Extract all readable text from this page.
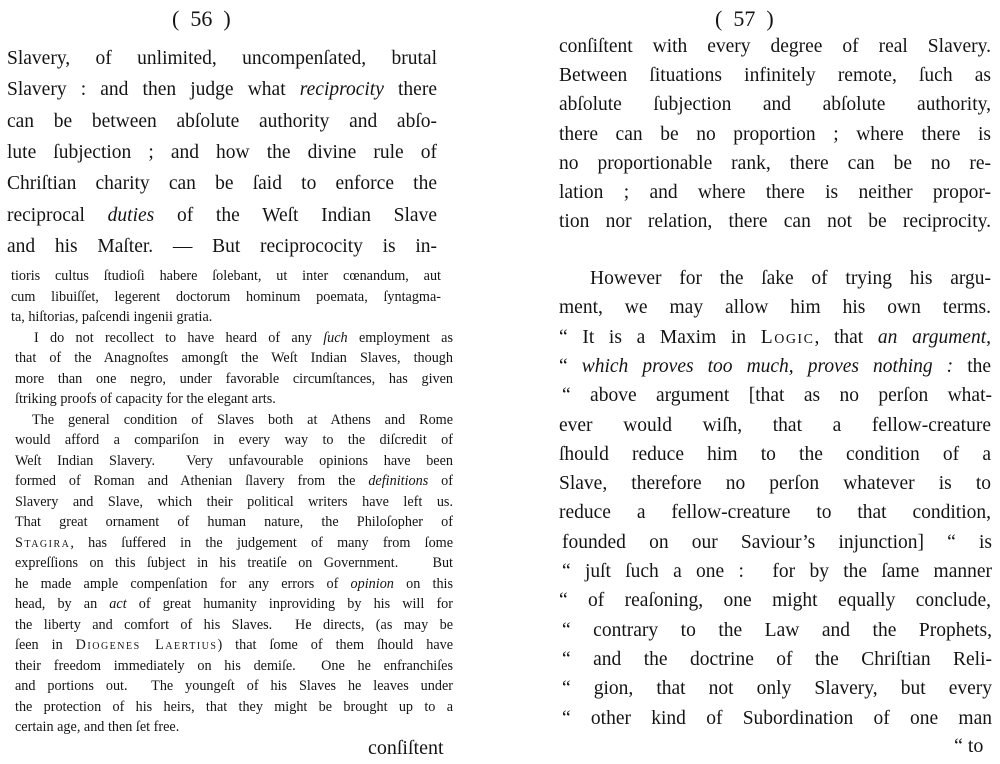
(  56  )
Slavery, of unlimited, uncompenſated, brutal
Slavery : and then judge what reciprocity there
can be between abſolute authority and abſo-
lute ſubjection ; and how the divine rule of
Chriſtian charity can be ſaid to enforce the
reciprocal duties of the Weſt Indian Slave
and his Maſter. — But reciprococity is in-
tioris cultus ſtudioſi habere ſolebant, ut inter cœnandum, aut
cum libuiſſet, legerent doctorum hominum poemata, ſyntagma-
ta, hiſtorias, paſcendi ingenii gratia.
I do not recollect to have heard of any ſuch employment as
that of the Anagnoſtes amongſt the Weſt Indian Slaves, though
more than one negro, under favorable circumſtances, has given
ſtriking proofs of capacity for the elegant arts.
The general condition of Slaves both at Athens and Rome
would afford a compariſon in every way to the diſcredit of
Weſt Indian Slavery.  Very unfavourable opinions have been
formed of Roman and Athenian ſlavery from the definitions of
Slavery and Slave, which their political writers have left us.
That great ornament of human nature, the Philoſopher of
Stagira, has ſuffered in the judgement of many from ſome
expreſſions on this ſubject in his treatiſe on Government.   But
he made ample compenſation for any errors of opinion on this
head, by an act of great humanity inproviding by his will for
the liberty and comfort of his Slaves.  He directs, (as may be
ſeen in Diogenes Laertius) that ſome of them ſhould have
their freedom immediately on his demiſe.  One he enfranchiſes
and portions out.  The youngeſt of his Slaves he leaves under
the protection of his heirs, that they might be brought up to a
certain age, and then ſet free.
conſiſtent
(  57  )
conſiſtent with every degree of real Slavery.
Between ſituations infinitely remote, ſuch as
abſolute ſubjection and abſolute authority,
there can be no proportion ; where there is
no proportionable rank, there can be no re-
lation ; and where there is neither propor-
tion nor relation, there can not be reciprocity.
However for the ſake of trying his argu-
ment, we may allow him his own terms.
“ It is a Maxim in Logic, that an argument,
“ which proves too much, proves nothing : the
“ above argument [that as no perſon what-
ever would wiſh, that a fellow-creature
ſhould reduce him to the condition of a
Slave, therefore no perſon whatever is to
reduce a fellow-creature to that condition,
founded on our Saviour’s injunction] “ is
“ juſt ſuch a one :  for by the ſame manner
“ of reaſoning, one might equally conclude,
“ contrary to the Law and the Prophets,
“ and the doctrine of the Chriſtian Reli-
“ gion, that not only Slavery, but every
“ other kind of Subordination of one man
“ to
